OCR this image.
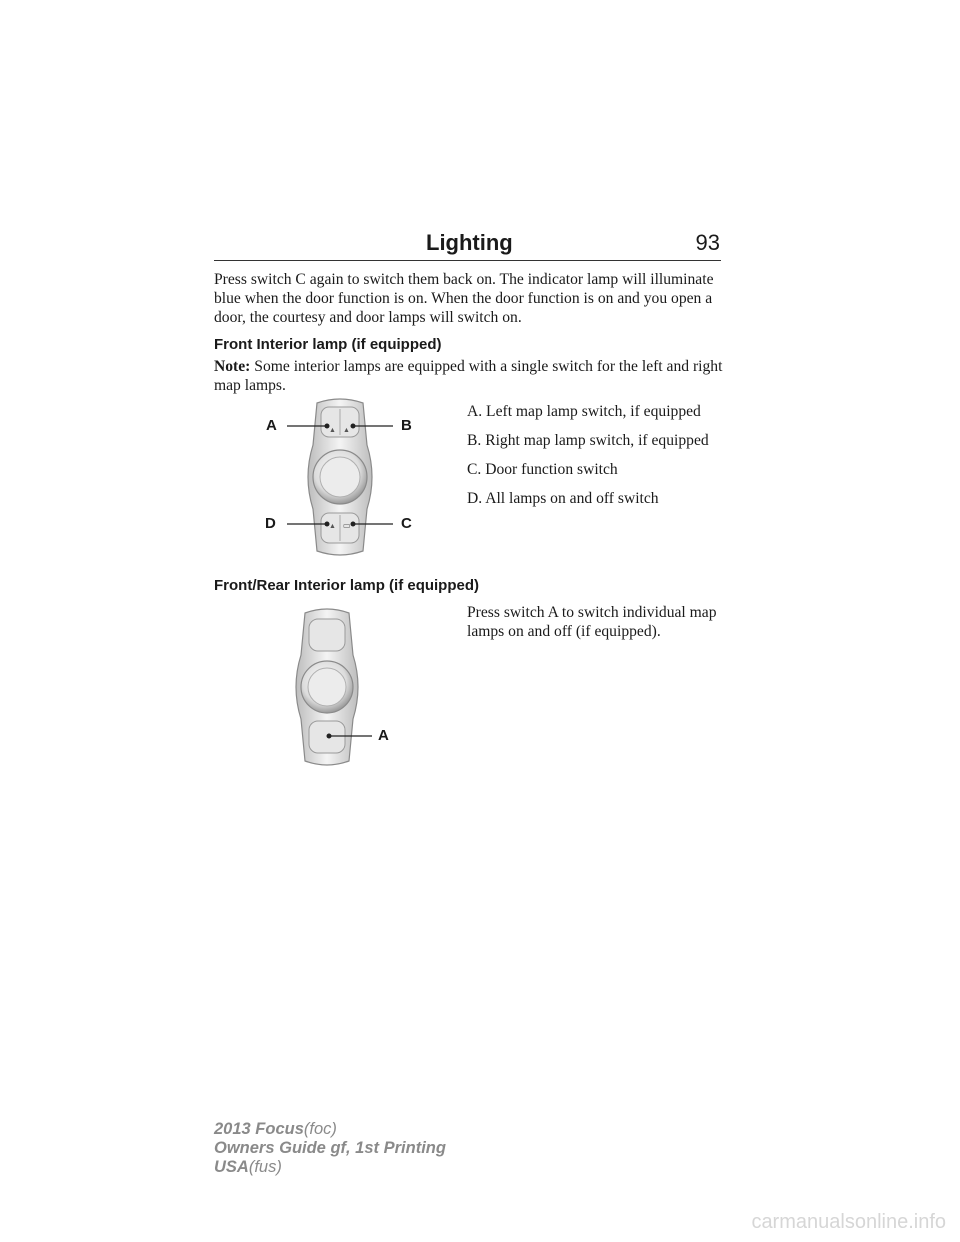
Lighting	93
Press switch C again to switch them back on. The indicator lamp will illuminate blue when the door function is on. When the door function is on and you open a door, the courtesy and door lamps will switch on.
Front Interior lamp (if equipped)
Note: Some interior lamps are equipped with a single switch for the left and right map lamps.
▲ ▲
▲ ▭
A	B
D	C

A. Left map lamp switch, if equipped

B. Right map lamp switch, if equipped

C. Door function switch

D. All lamps on and off switch

Front/Rear Interior lamp (if equipped)
Press switch A to switch individual map lamps on and off (if equipped).
A
2013 Focus(foc)
Owners Guide gf, 1st Printing
USA(fus)
carmanualsonline.info
